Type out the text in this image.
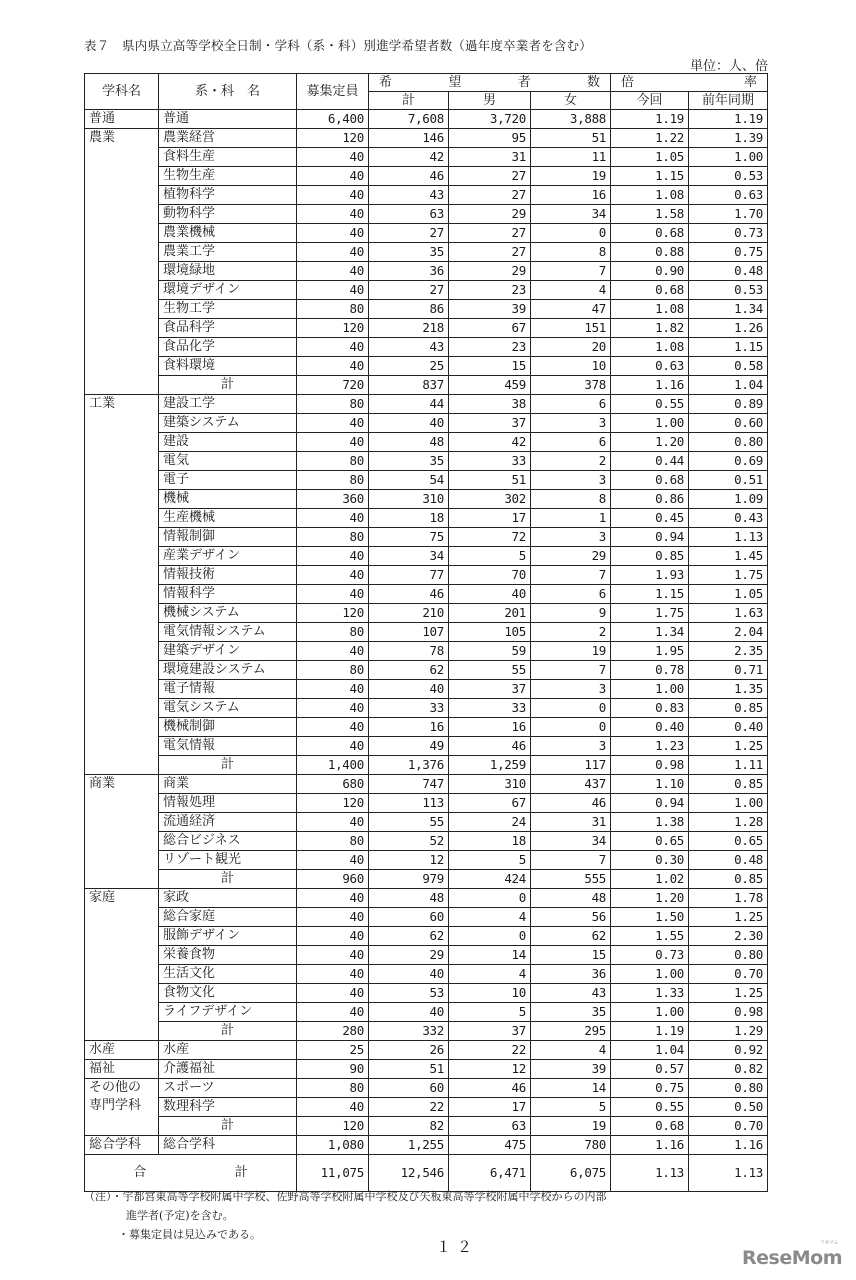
表７　県内県立高等学校全日制・学科（系・科）別進学希望者数（過年度卒業者を含む）
単位：人、倍
学科名	系・科　名	募集定員	希 望 者 数			倍 率	

			計	男	女	今回	前年同期
普通	普通	6,400	7,608	3,720	3,888	1.19	1.19
農業	農業経営	120	146	95	51	1.22	1.39
	食料生産	40	42	31	11	1.05	1.00
	生物生産	40	46	27	19	1.15	0.53
	植物科学	40	43	27	16	1.08	0.63
	動物科学	40	63	29	34	1.58	1.70
	農業機械	40	27	27	0	0.68	0.73
	農業工学	40	35	27	8	0.88	0.75
	環境緑地	40	36	29	7	0.90	0.48
	環境デザイン	40	27	23	4	0.68	0.53
	生物工学	80	86	39	47	1.08	1.34
	食品科学	120	218	67	151	1.82	1.26
	食品化学	40	43	23	20	1.08	1.15
	食料環境	40	25	15	10	0.63	0.58
	計	720	837	459	378	1.16	1.04
工業	建設工学	80	44	38	6	0.55	0.89
	建築システム	40	40	37	3	1.00	0.60
	建設	40	48	42	6	1.20	0.80
	電気	80	35	33	2	0.44	0.69
	電子	80	54	51	3	0.68	0.51
	機械	360	310	302	8	0.86	1.09
	生産機械	40	18	17	1	0.45	0.43
	情報制御	80	75	72	3	0.94	1.13
	産業デザイン	40	34	5	29	0.85	1.45
	情報技術	40	77	70	7	1.93	1.75
	情報科学	40	46	40	6	1.15	1.05
	機械システム	120	210	201	9	1.75	1.63
	電気情報システム	80	107	105	2	1.34	2.04
	建築デザイン	40	78	59	19	1.95	2.35
	環境建設システム	80	62	55	7	0.78	0.71
	電子情報	40	40	37	3	1.00	1.35
	電気システム	40	33	33	0	0.83	0.85
	機械制御	40	16	16	0	0.40	0.40
	電気情報	40	49	46	3	1.23	1.25
	計	1,400	1,376	1,259	117	0.98	1.11
商業	商業	680	747	310	437	1.10	0.85
	情報処理	120	113	67	46	0.94	1.00
	流通経済	40	55	24	31	1.38	1.28
	総合ビジネス	80	52	18	34	0.65	0.65
	リゾート観光	40	12	5	7	0.30	0.48
	計	960	979	424	555	1.02	0.85
家庭	家政	40	48	0	48	1.20	1.78
	総合家庭	40	60	4	56	1.50	1.25
	服飾デザイン	40	62	0	62	1.55	2.30
	栄養食物	40	29	14	15	0.73	0.80
	生活文化	40	40	4	36	1.00	0.70
	食物文化	40	53	10	43	1.33	1.25
	ライフデザイン	40	40	5	35	1.00	0.98
	計	280	332	37	295	1.19	1.29
水産	水産	25	26	22	4	1.04	0.92
福祉	介護福祉	90	51	12	39	0.57	0.82

その他の
専門学科	スポーツ	80	60	46	14	0.75	0.80
	数理科学	40	22	17	5	0.55	0.50
	計	120	82	63	19	0.68	0.70
総合学科	総合学科	1,080	1,255	475	780	1.16	1.16

合 計		11,075	12,546	6,471	6,075	1.13	1.13
（注）・宇都宮東高等学校附属中学校、佐野高等学校附属中学校及び矢板東高等学校附属中学校からの内部
進学者(予定)を含む。
・募集定員は見込みである。
１２	リセマム
ReseMom
